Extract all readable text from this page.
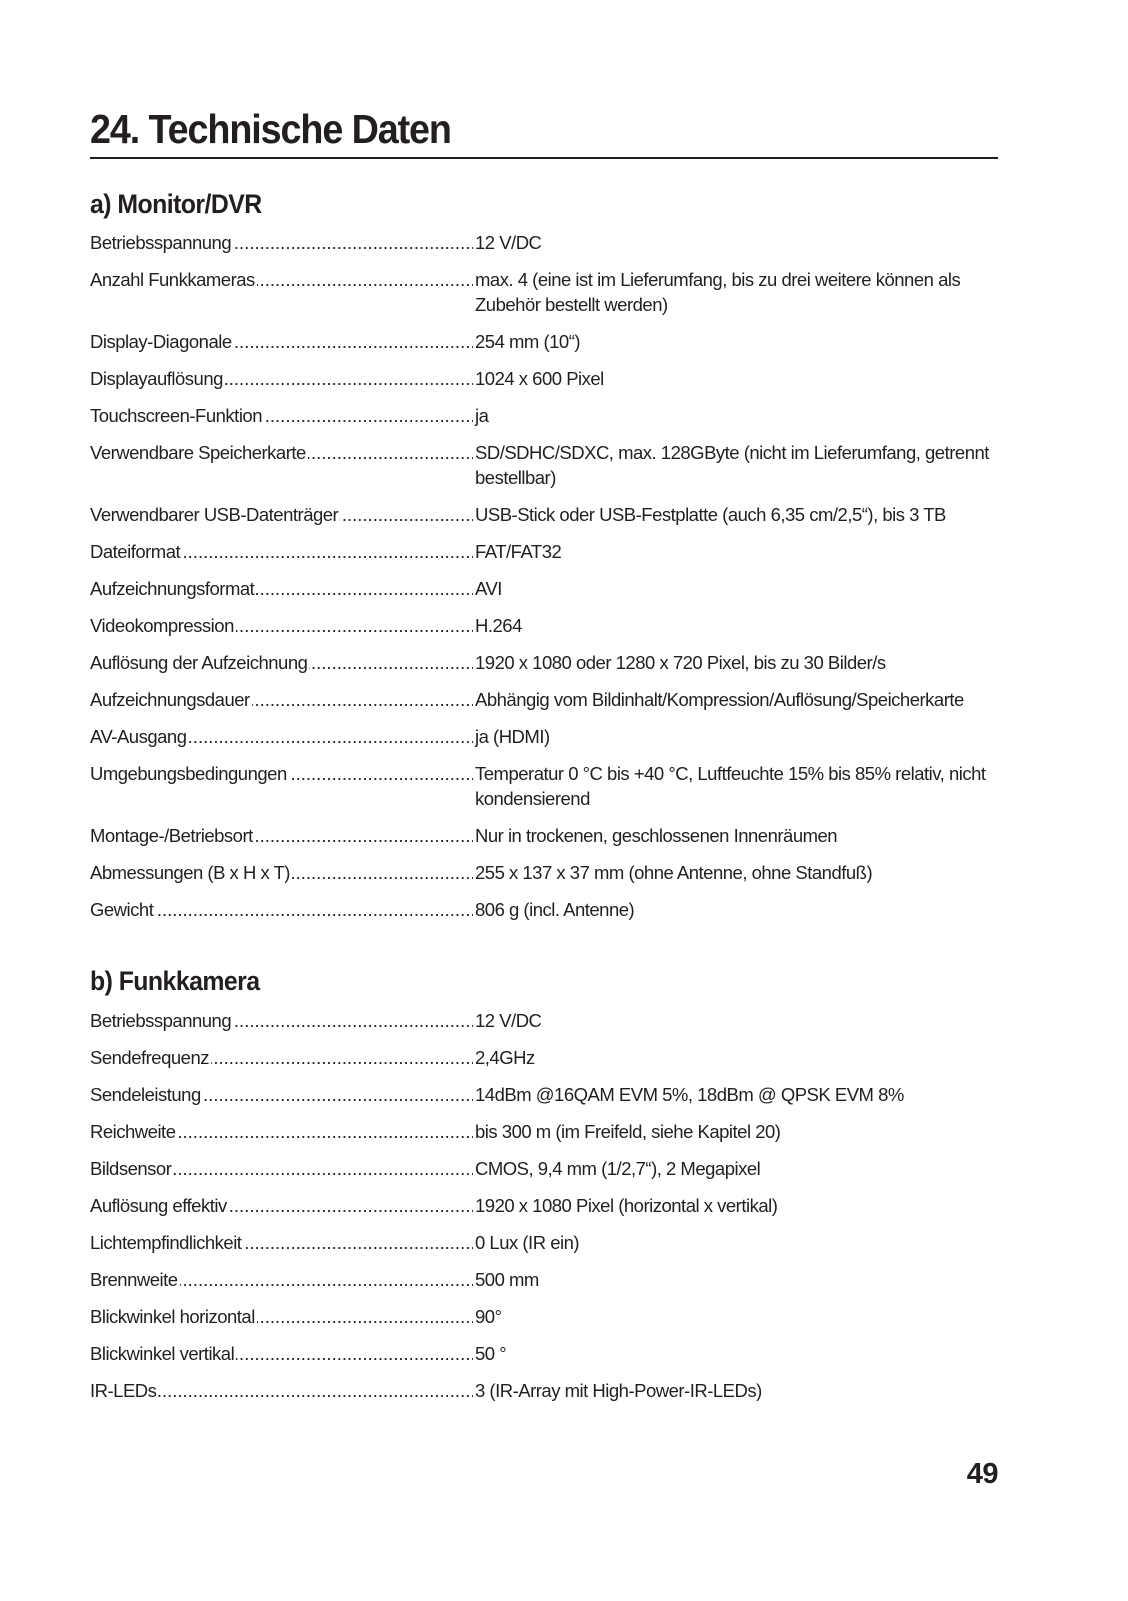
24. Technische Daten
a) Monitor/DVR
Betriebsspannung .....	12 V/DC
Anzahl Funkkameras .....	max. 4 (eine ist im Lieferumfang, bis zu drei weitere können als Zubehör bestellt werden)
Display-Diagonale .....	254 mm (10“)
Displayauflösung .....	1024 x 600 Pixel
Touchscreen-Funktion .....	ja
Verwendbare Speicherkarte .....	SD/SDHC/SDXC, max. 128GByte (nicht im Lieferumfang, getrennt bestellbar)
Verwendbarer USB-Datenträger .....	USB-Stick oder USB-Festplatte (auch 6,35 cm/2,5“), bis 3 TB
Dateiformat .....	FAT/FAT32
Aufzeichnungsformat .....	AVI
Videokompression .....	H.264
Auflösung der Aufzeichnung .....	1920 x 1080 oder 1280 x 720 Pixel, bis zu 30 Bilder/s
Aufzeichnungsdauer .....	Abhängig vom Bildinhalt/Kompression/Auflösung/Speicherkarte
AV-Ausgang .....	ja (HDMI)
Umgebungsbedingungen .....	Temperatur 0 °C bis +40 °C, Luftfeuchte 15% bis 85% relativ, nicht kondensierend
Montage-/Betriebsort .....	Nur in trockenen, geschlossenen Innenräumen
Abmessungen (B x H x T) .....	255 x 137 x 37 mm (ohne Antenne, ohne Standfuß)
Gewicht .....	806 g (incl. Antenne)
b) Funkkamera
Betriebsspannung .....	12 V/DC
Sendefrequenz .....	2,4GHz
Sendeleistung .....	14dBm @16QAM EVM 5%, 18dBm @ QPSK EVM 8%
Reichweite .....	bis 300 m (im Freifeld, siehe Kapitel 20)
Bildsensor .....	CMOS, 9,4 mm (1/2,7“), 2 Megapixel
Auflösung effektiv .....	1920 x 1080 Pixel (horizontal x vertikal)
Lichtempfindlichkeit .....	0 Lux (IR ein)
Brennweite .....	500 mm
Blickwinkel horizontal .....	90°
Blickwinkel vertikal .....	50 °
IR-LEDs .....	3 (IR-Array mit High-Power-IR-LEDs)
49
